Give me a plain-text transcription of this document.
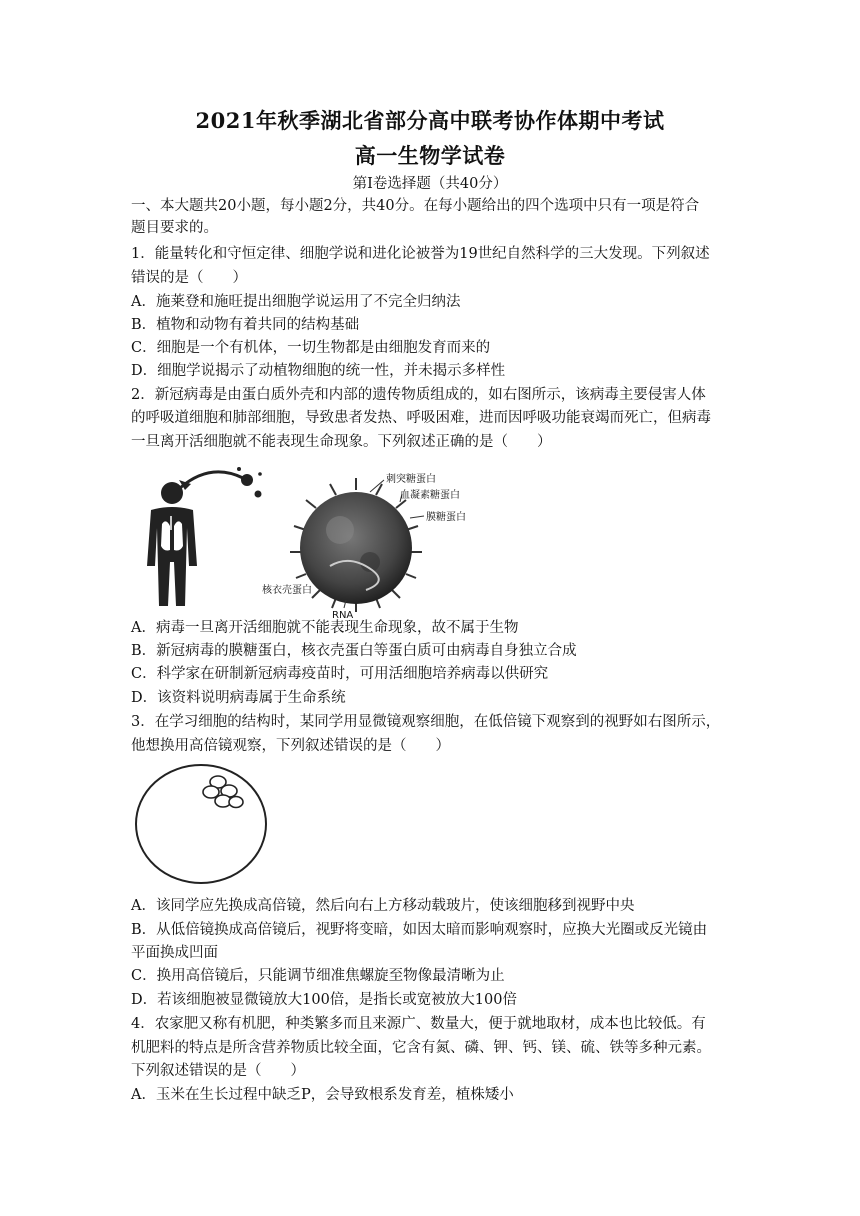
2021年秋季湖北省部分高中联考协作体期中考试
高一生物学试卷
第Ⅰ卷选择题（共40分）
一、本大题共20小题，每小题2分，共40分。在每小题给出的四个选项中只有一项是符合
题目要求的。
1．能量转化和守恒定律、细胞学说和进化论被誉为19世纪自然科学的三大发现。下列叙述
错误的是（　　）
A．施莱登和施旺提出细胞学说运用了不完全归纳法
B．植物和动物有着共同的结构基础
C．细胞是一个有机体，一切生物都是由细胞发育而来的
D．细胞学说揭示了动植物细胞的统一性，并未揭示多样性
2．新冠病毒是由蛋白质外壳和内部的遗传物质组成的，如右图所示，该病毒主要侵害人体
的呼吸道细胞和肺部细胞，导致患者发热、呼吸困难，进而因呼吸功能衰竭而死亡，但病毒
一旦离开活细胞就不能表现生命现象。下列叙述正确的是（　　）
刺突糖蛋白
血凝素糖蛋白
膜糖蛋白
核衣壳蛋白
RNA
A．病毒一旦离开活细胞就不能表现生命现象，故不属于生物
B．新冠病毒的膜糖蛋白，核衣壳蛋白等蛋白质可由病毒自身独立合成
C．科学家在研制新冠病毒疫苗时，可用活细胞培养病毒以供研究
D．该资料说明病毒属于生命系统
3．在学习细胞的结构时，某同学用显微镜观察细胞，在低倍镜下观察到的视野如右图所示，
他想换用高倍镜观察，下列叙述错误的是（　　）
A．该同学应先换成高倍镜，然后向右上方移动载玻片，使该细胞移到视野中央
B．从低倍镜换成高倍镜后，视野将变暗，如因太暗而影响观察时，应换大光圈或反光镜由
平面换成凹面
C．换用高倍镜后，只能调节细准焦螺旋至物像最清晰为止
D．若该细胞被显微镜放大100倍，是指长或宽被放大100倍
4．农家肥又称有机肥，种类繁多而且来源广、数量大，便于就地取材，成本也比较低。有
机肥料的特点是所含营养物质比较全面，它含有氮、磷、钾、钙、镁、硫、铁等多种元素。
下列叙述错误的是（　　）
A．玉米在生长过程中缺乏P，会导致根系发育差，植株矮小
